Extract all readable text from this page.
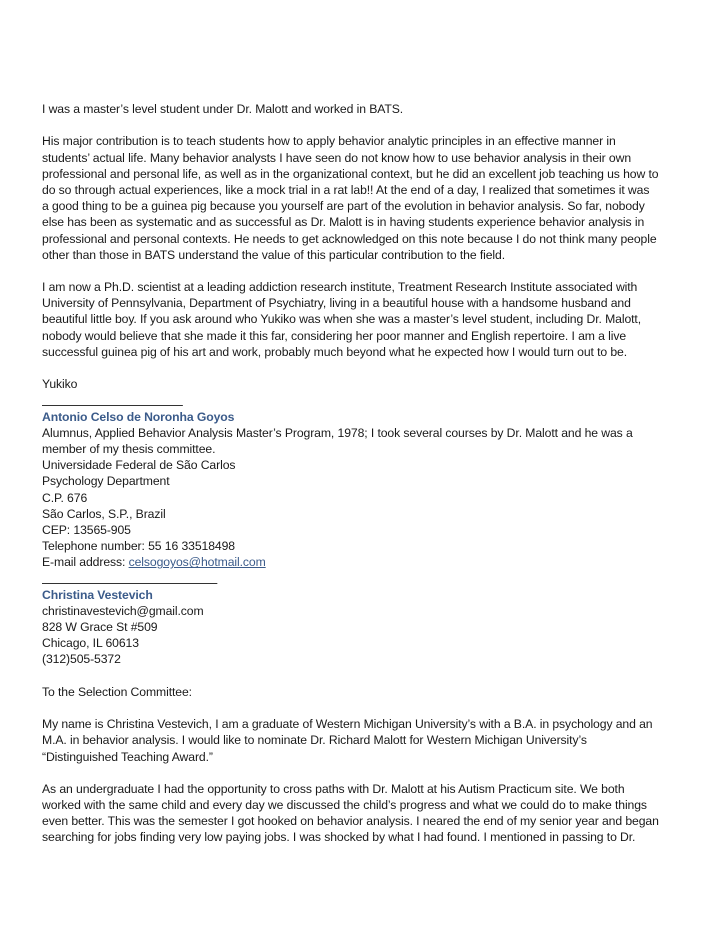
I was a master’s level student under Dr. Malott and worked in BATS.
His major contribution is to teach students how to apply behavior analytic principles in an effective manner in
students’ actual life. Many behavior analysts I have seen do not know how to use behavior analysis in their own
professional and personal life, as well as in the organizational context, but he did an excellent job teaching us how to
do so through actual experiences, like a mock trial in a rat lab!! At the end of a day, I realized that sometimes it was
a good thing to be a guinea pig because you yourself are part of the evolution in behavior analysis. So far, nobody
else has been as systematic and as successful as Dr. Malott is in having students experience behavior analysis in
professional and personal contexts. He needs to get acknowledged on this note because I do not think many people
other than those in BATS understand the value of this particular contribution to the field.
I am now a Ph.D. scientist at a leading addiction research institute, Treatment Research Institute associated with
University of Pennsylvania, Department of Psychiatry, living in a beautiful house with a handsome husband and
beautiful little boy. If you ask around who Yukiko was when she was a master’s level student, including Dr. Malott,
nobody would believe that she made it this far, considering her poor manner and English repertoire. I am a live
successful guinea pig of his art and work, probably much beyond what he expected how I would turn out to be.
Yukiko
Antonio Celso de Noronha Goyos
Alumnus, Applied Behavior Analysis Master’s Program, 1978; I took several courses by Dr. Malott and he was a
member of my thesis committee.
Universidade Federal de São Carlos
Psychology Department
C.P. 676
São Carlos, S.P., Brazil
CEP: 13565-905
Telephone number: 55 16 33518498
E-mail address: celsogoyos@hotmail.com
Christina Vestevich
christinavestevich@gmail.com
828 W Grace St #509
Chicago, IL 60613
(312)505-5372
To the Selection Committee:
My name is Christina Vestevich, I am a graduate of Western Michigan University’s with a B.A. in psychology and an
M.A. in behavior analysis. I would like to nominate Dr. Richard Malott for Western Michigan University’s
“Distinguished Teaching Award.”
As an undergraduate I had the opportunity to cross paths with Dr. Malott at his Autism Practicum site. We both
worked with the same child and every day we discussed the child’s progress and what we could do to make things
even better. This was the semester I got hooked on behavior analysis. I neared the end of my senior year and began
searching for jobs finding very low paying jobs. I was shocked by what I had found. I mentioned in passing to Dr.
